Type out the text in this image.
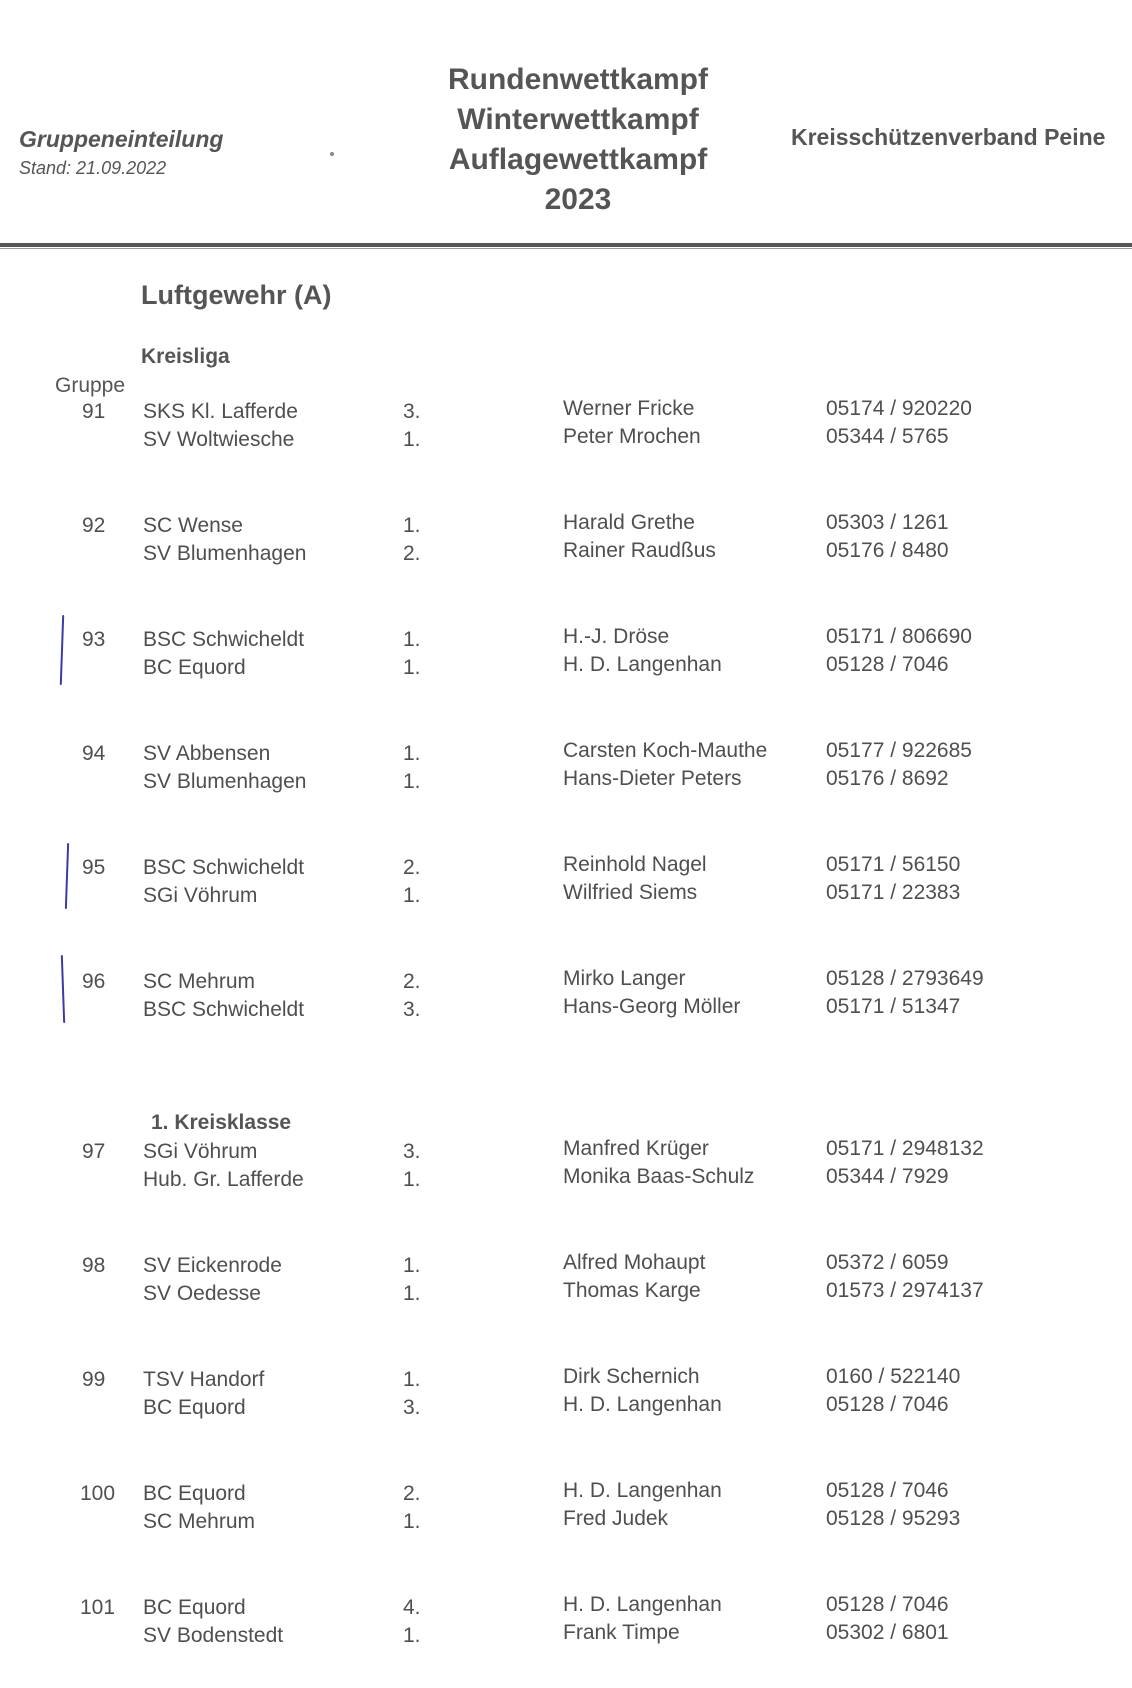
Gruppeneinteilung
Stand: 21.09.2022
Rundenwettkampf
Winterwettkampf
Auflagewettkampf
2023
Kreisschützenverband Peine
Luftgewehr (A)
Kreisliga
Gruppe
1. Kreisklasse
91 SKS Kl. Lafferde	3.	Werner Fricke	05174 / 920220
SV Woltwiesche	1.	Peter Mrochen	05344 / 5765
92 SC Wense	1.	Harald Grethe	05303 / 1261
SV Blumenhagen	2.	Rainer Raudßus	05176 / 8480
93 BSC Schwicheldt	1.	H.-J. Dröse	05171 / 806690
BC Equord	1.	H. D. Langenhan	05128 / 7046
94 SV Abbensen	1.	Carsten Koch-Mauthe	05177 / 922685
SV Blumenhagen	1.	Hans-Dieter Peters	05176 / 8692
95 BSC Schwicheldt	2.	Reinhold Nagel	05171 / 56150
SGi Vöhrum	1.	Wilfried Siems	05171 / 22383
96 SC Mehrum	2.	Mirko Langer	05128 / 2793649
BSC Schwicheldt	3.	Hans-Georg Möller	05171 / 51347
97 SGi Vöhrum	3.	Manfred Krüger	05171 / 2948132
Hub. Gr. Lafferde	1.	Monika Baas-Schulz	05344 / 7929
98 SV Eickenrode	1.	Alfred Mohaupt	05372 / 6059
SV Oedesse	1.	Thomas Karge	01573 / 2974137
99 TSV Handorf	1.	Dirk Schernich	0160 / 522140
BC Equord	3.	H. D. Langenhan	05128 / 7046
100 BC Equord	2.	H. D. Langenhan	05128 / 7046
SC Mehrum	1.	Fred Judek	05128 / 95293
101 BC Equord	4.	H. D. Langenhan	05128 / 7046
SV Bodenstedt	1.	Frank Timpe	05302 / 6801
